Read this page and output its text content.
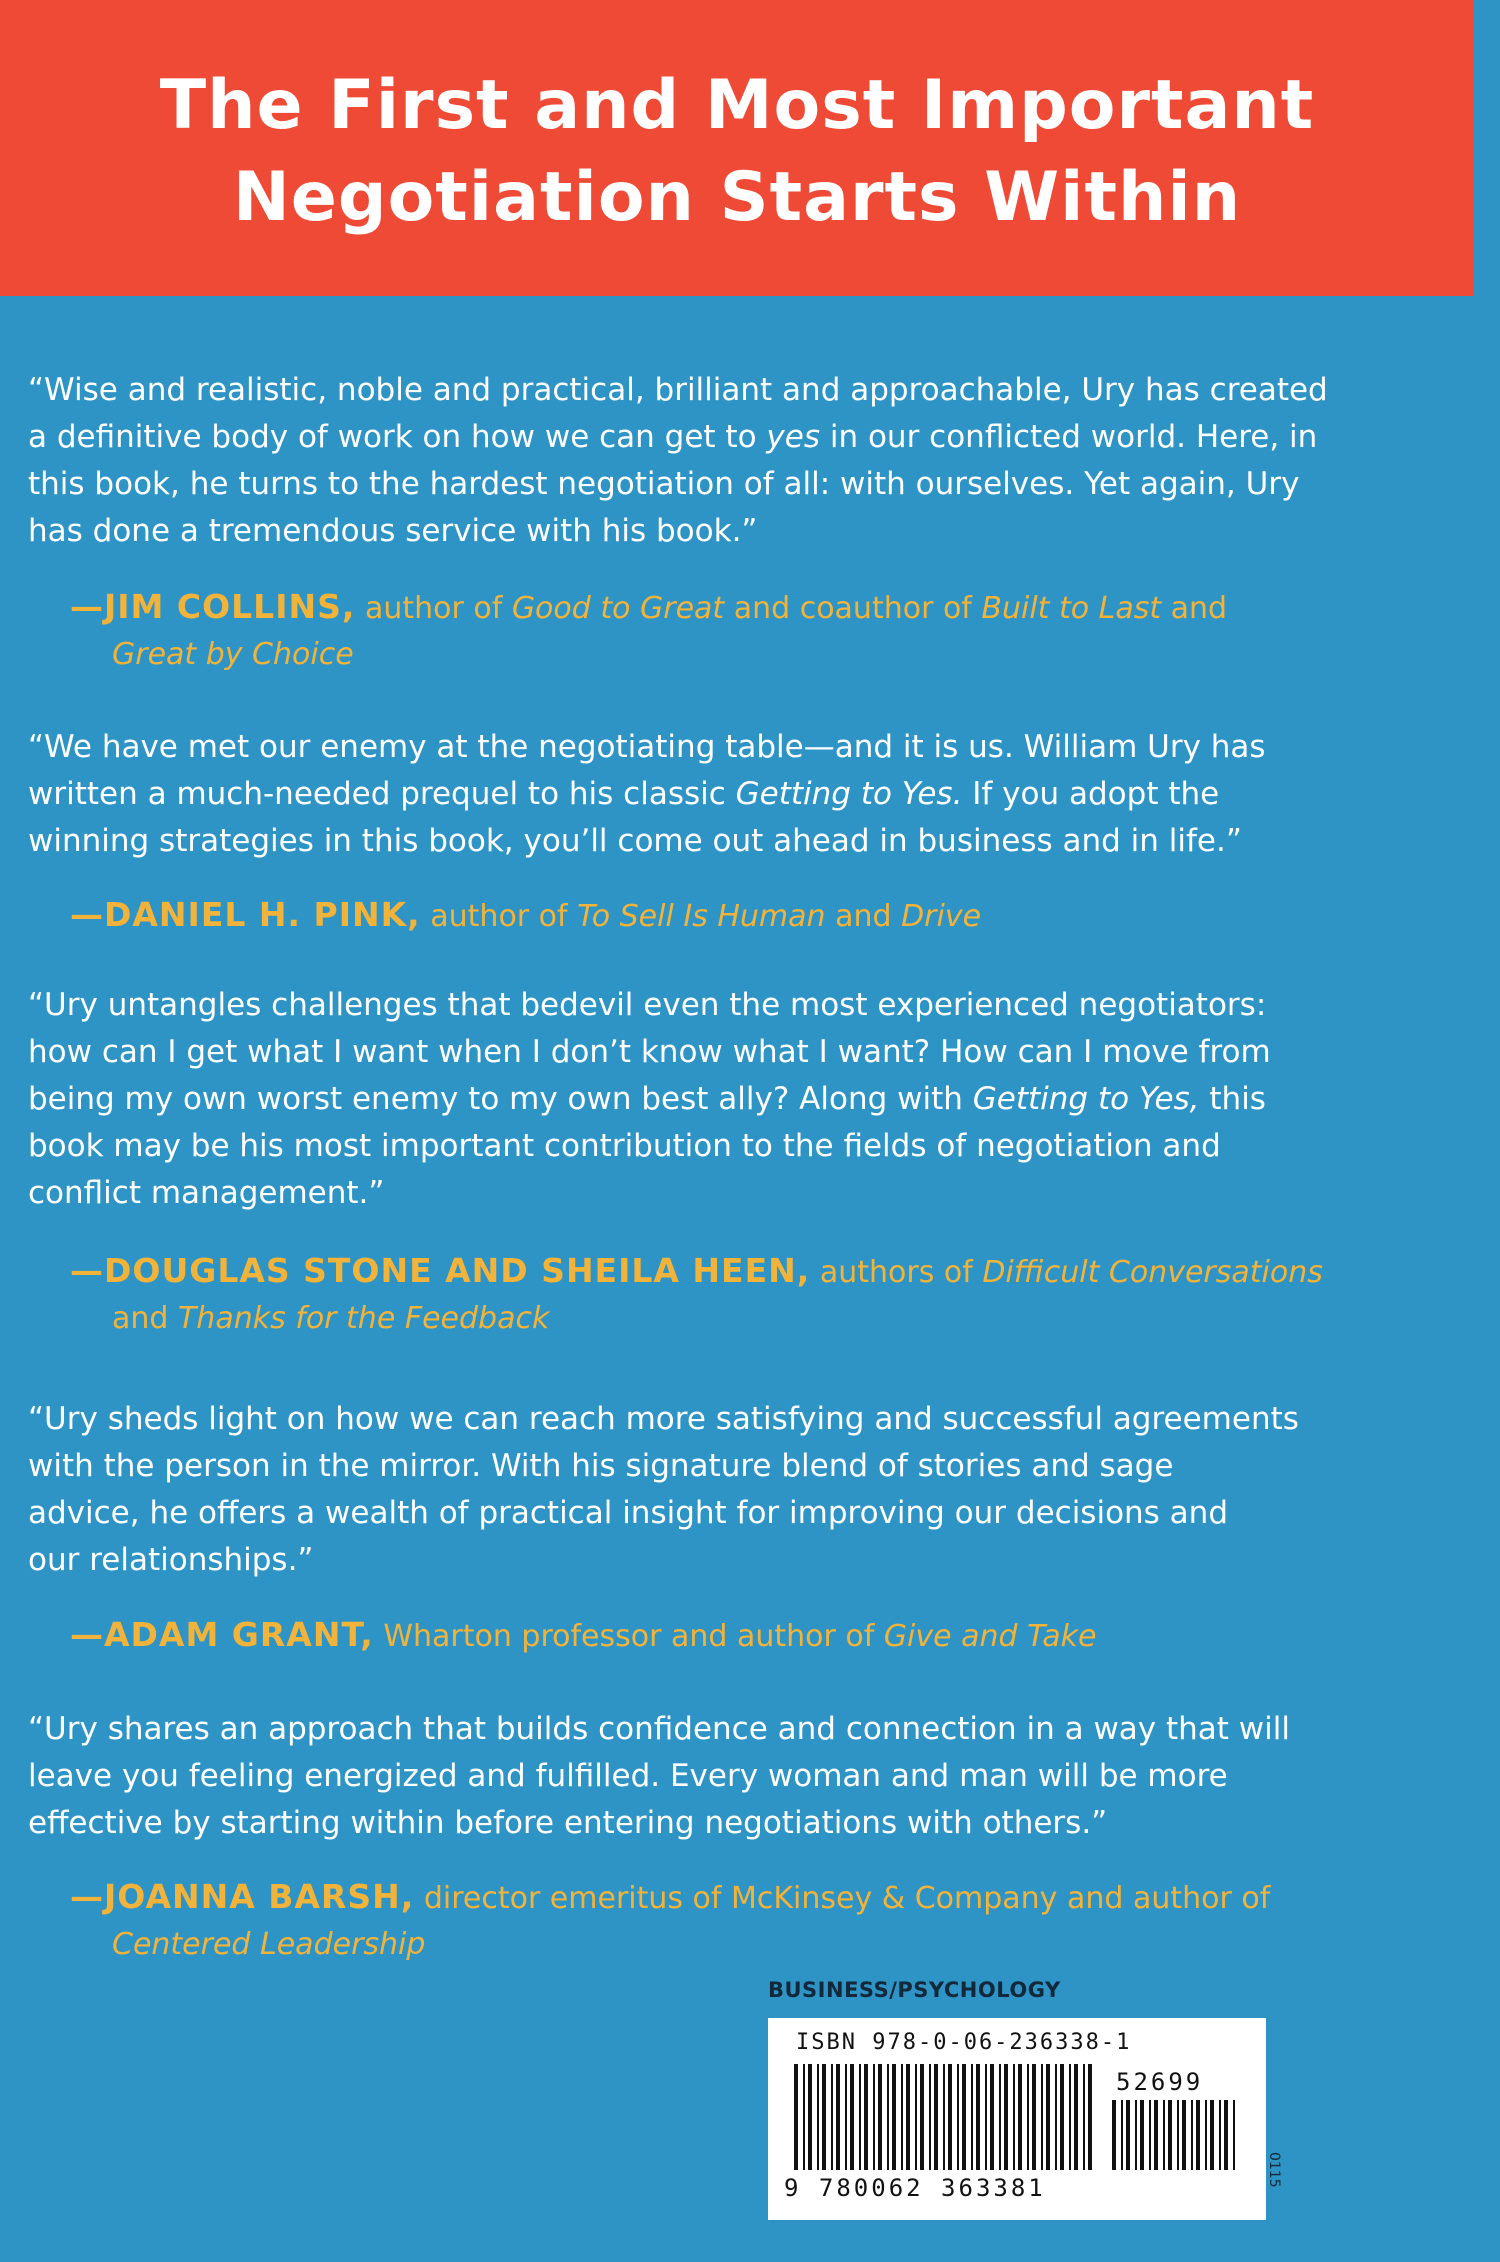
The First and Most Important
Negotiation Starts Within
“Wise and realistic, noble and practical, brilliant and approachable, Ury has created
a definitive body of work on how we can get to yes in our conflicted world. Here, in
this book, he turns to the hardest negotiation of all: with ourselves. Yet again, Ury
has done a tremendous service with his book.”
—JIM COLLINS, author of Good to Great and coauthor of Built to Last and
Great by Choice
“We have met our enemy at the negotiating table—and it is us. William Ury has
written a much-needed prequel to his classic Getting to Yes. If you adopt the
winning strategies in this book, you’ll come out ahead in business and in life.”
—DANIEL H. PINK, author of To Sell Is Human and Drive
“Ury untangles challenges that bedevil even the most experienced negotiators:
how can I get what I want when I don’t know what I want? How can I move from
being my own worst enemy to my own best ally? Along with Getting to Yes, this
book may be his most important contribution to the fields of negotiation and
conflict management.”
—DOUGLAS STONE AND SHEILA HEEN, authors of Difficult Conversations
and Thanks for the Feedback
“Ury sheds light on how we can reach more satisfying and successful agreements
with the person in the mirror. With his signature blend of stories and sage
advice, he offers a wealth of practical insight for improving our decisions and
our relationships.”
—ADAM GRANT, Wharton professor and author of Give and Take
“Ury shares an approach that builds confidence and connection in a way that will
leave you feeling energized and fulfilled. Every woman and man will be more
effective by starting within before entering negotiations with others.”
—JOANNA BARSH, director emeritus of McKinsey & Company and author of
Centered Leadership
BUSINESS/PSYCHOLOGY
ISBN 978-0-06-236338-1
9 780062 363381
52699
0115
